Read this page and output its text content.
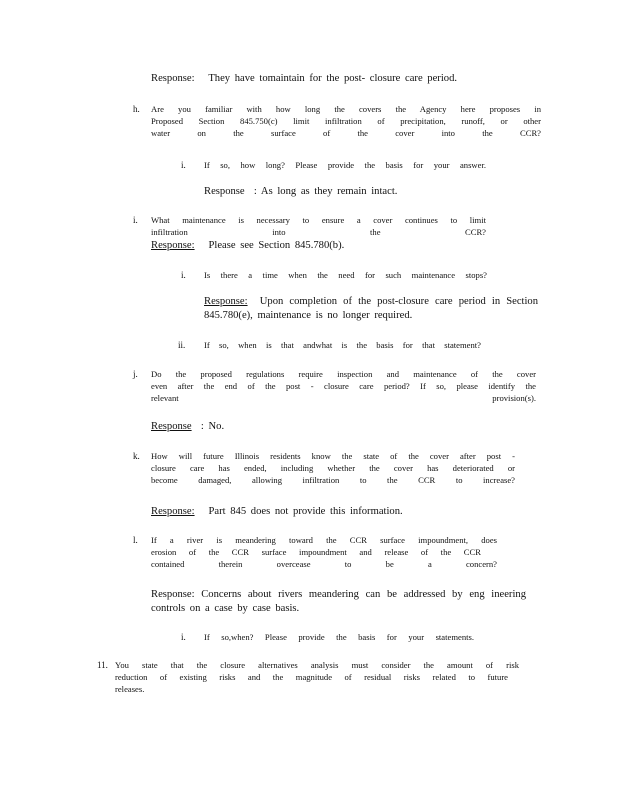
Response: They have tomaintain for the post- closure care period.
h. Are you familiar with how long the covers the Agency here proposes in
Proposed Section 845.750(c) limit infiltration of precipitation, runoff, or other
water on the surface of the cover into the CCR?
i. If so, how long? Please provide the basis for your answer.
Response : As long as they remain intact.
i. What maintenance is necessary to ensure a cover continues to limit
infiltration into the CCR?
Response: Please see Section 845.780(b).
i. Is there a time when the need for such maintenance stops?
Response: Upon completion of the post-closure care period in Section
845.780(e), maintenance is no longer required.
ii. If so, when is that andwhat is the basis for that statement?
j. Do the proposed regulations require inspection and maintenance of the cover
even after the end of the post - closure care period? If so, please identify the
relevant provision(s).
Response : No.
k. How will future Illinois residents know the state of the cover after post -
closure care has ended, including whether the cover has deteriorated or
become damaged, allowing infiltration to the CCR to increase?
Response: Part 845 does not provide this information.
l. If a river is meandering toward the CCR surface impoundment, does
erosion of the CCR surface impoundment and release of the CCR
contained therein overcease to be a concern?
Response: Concerns about rivers meandering can be addressed by eng ineering
controls on a case by case basis.
i. If so,when? Please provide the basis for your statements.
11. You state that the closure alternatives analysis must consider the amount of risk
reduction of existing risks and the magnitude of residual risks related to future
releases.
